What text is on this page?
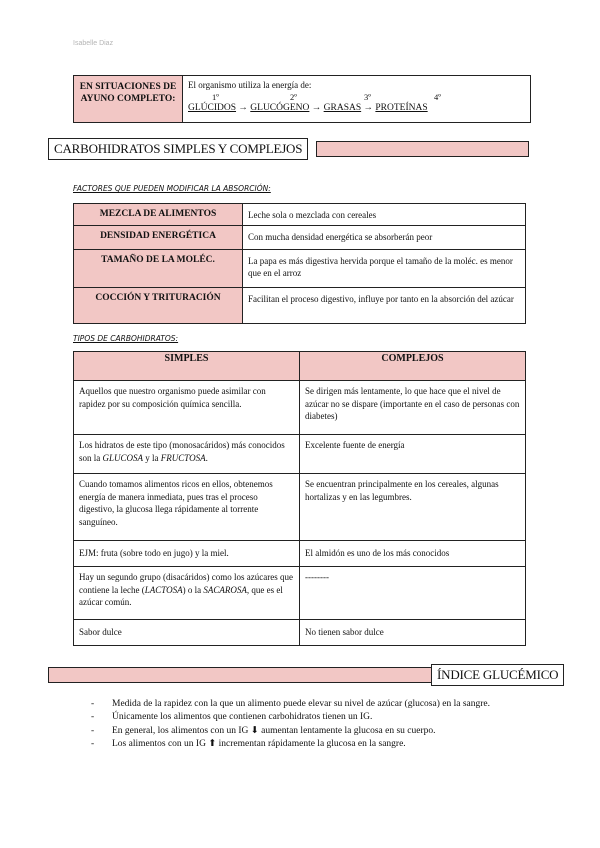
Isabelle Diaz
EN SITUACIONES DE AYUNO COMPLETO:
El organismo utiliza la energía de:
1º	2º	3º	4º
GLÚCIDOS → GLUCÓGENO → GRASAS → PROTEÍNAS
CARBOHIDRATOS SIMPLES Y COMPLEJOS
FACTORES QUE PUEDEN MODIFICAR LA ABSORCIÓN:
MEZCLA DE ALIMENTOS	Leche sola o mezclada con cereales
DENSIDAD ENERGÉTICA	Con mucha densidad energética se absorberán peor
TAMAÑO DE LA MOLÉC.	La papa es más digestiva hervida porque el tamaño de la moléc. es menor que en el arroz
COCCIÓN Y TRITURACIÓN	Facilitan el proceso digestivo, influye por tanto en la absorción del azúcar
TIPOS DE CARBOHIDRATOS:
SIMPLES	COMPLEJOS
Aquellos que nuestro organismo puede asimilar con rapidez por su composición química sencilla.	Se dirigen más lentamente, lo que hace que el nivel de azúcar no se dispare (importante en el caso de personas con diabetes)
Los hidratos de este tipo (monosacáridos) más conocidos son la GLUCOSA y la FRUCTOSA.	Excelente fuente de energía
Cuando tomamos alimentos ricos en ellos, obtenemos energía de manera inmediata, pues tras el proceso digestivo, la glucosa llega rápidamente al torrente sanguíneo.	Se encuentran principalmente en los cereales, algunas hortalizas y en las legumbres.
EJM: fruta (sobre todo en jugo) y la miel.	El almidón es uno de los más conocidos
Hay un segundo grupo (disacáridos) como los azúcares que contiene la leche (LACTOSA) o la SACAROSA, que es el azúcar común.	--------
Sabor dulce	No tienen sabor dulce
ÍNDICE GLUCÉMICO
- Medida de la rapidez con la que un alimento puede elevar su nivel de azúcar (glucosa) en la sangre.
- Únicamente los alimentos que contienen carbohidratos tienen un IG.
- En general, los alimentos con un IG ⬇ aumentan lentamente la glucosa en su cuerpo.
- Los alimentos con un IG ⬆ incrementan rápidamente la glucosa en la sangre.
